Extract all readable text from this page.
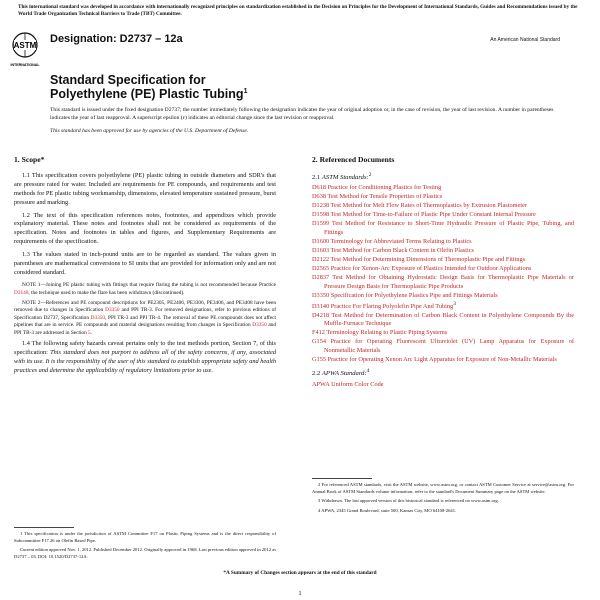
This international standard was developed in accordance with internationally recognized principles on standardization established in the Decision on Principles for the Development of International Standards, Guides and Recommendations issued by the World Trade Organization Technical Barriers to Trade (TBT) Committee.
ASTM
INTERNATIONAL
Designation: D2737 – 12a	An American National Standard
Standard Specification for
Polyethylene (PE) Plastic Tubing$^1$

This standard is issued under the fixed designation D2737; the number immediately following the designation indicates the year of original adoption or, in the case of revision, the year of last revision. A number in parentheses indicates the year of last reapproval. A superscript epsilon (ε) indicates an editorial change since the last revision or reapproval.

This standard has been approved for use by agencies of the U.S. Department of Defense.

1. Scope*

1.1 This specification covers polyethylene (PE) plastic tubing in outside diameters and SDR's that are pressure rated for water. Included are requirements for PE compounds, and requirements and test methods for PE plastic tubing workmanship, dimensions, elevated temperature sustained pressure, burst pressure and marking.

1.2 The text of this specification references notes, footnotes, and appendixes which provide explanatory material. These notes and footnotes shall not be considered as requirements of the specification. Notes and footnotes in tables and figures, and Supplementary Requirements are requirements of the specification.

1.3 The values stated in inch-pound units are to be regarded as standard. The values given in parentheses are mathematical conversions to SI units that are provided for information only and are not considered standard.

NOTE 1—Joining PE plastic tubing with fittings that require flaring the tubing is not recommended because Practice D3140, the technique used to make the flare has been withdrawn (discontinued).

NOTE 2—References and PE compound descriptions for PE2305, PE2406, PE3306, PE3406, and PE3408 have been removed due to changes in Specification D3350 and PPI TR-3. For removed designations, refer to previous editions of Specification D2737, Specification D3350, PPI TR-3 and PPI TR-4. The removal of these PE compounds does not affect pipelines that are in service. PE compounds and material designations resulting from changes in Specification D3350 and PPI TR-3 are addressed in Section 5.

1.4 The following safety hazards caveat pertains only to the test methods portion, Section 7, of this specification: This standard does not purport to address all of the safety concerns, if any, associated with its use. It is the responsibility of the user of this standard to establish appropriate safety and health practices and determine the applicability of regulatory limitations prior to use.

2. Referenced Documents

2.1 ASTM Standards:$^2$

D618 Practice for Conditioning Plastics for Testing
D638 Test Method for Tensile Properties of Plastics
D1238 Test Method for Melt Flow Rates of Thermoplastics by Extrusion Plastometer
D1598 Test Method for Time-to-Failure of Plastic Pipe Under Constant Internal Pressure
D1599 Test Method for Resistance to Short-Time Hydraulic Pressure of Plastic Pipe, Tubing, and Fittings
D1600 Terminology for Abbreviated Terms Relating to Plastics
D1603 Test Method for Carbon Black Content in Olefin Plastics
D2122 Test Method for Determining Dimensions of Thermoplastic Pipe and Fittings
D2565 Practice for Xenon-Arc Exposure of Plastics Intended for Outdoor Applications
D2837 Test Method for Obtaining Hydrostatic Design Basis for Thermoplastic Pipe Materials or Pressure Design Basis for Thermoplastic Pipe Products
D3350 Specification for Polyethylene Plastics Pipe and Fittings Materials
D3140 Practice For Flaring Polyolefin Pipe And Tubing$^3$
D4218 Test Method for Determination of Carbon Black Content in Polyethylene Compounds By the Muffle-Furnace Technique
F412 Terminology Relating to Plastic Piping Systems
G154 Practice for Operating Fluorescent Ultraviolet (UV) Lamp Apparatus for Exposure of Nonmetallic Materials
G155 Practice for Operating Xenon Arc Light Apparatus for Exposure of Non-Metallic Materials

2.2 APWA Standard:$^4$

APWA Uniform Color Code

1 This specification is under the jurisdiction of ASTM Committee F17 on Plastic Piping Systems and is the direct responsibility of Subcommittee F17.26 on Olefin Based Pipe.

Current edition approved Nov. 1, 2012. Published December 2012. Originally approved in 1968. Last previous edition approved in 2012 as D2737 – 03. DOI: 10.1520/D2737-12A.

2 For referenced ASTM standards, visit the ASTM website, www.astm.org, or contact ASTM Customer Service at service@astm.org. For Annual Book of ASTM Standards volume information, refer to the standard's Document Summary page on the ASTM website.

3 Withdrawn. The last approved version of this historical standard is referenced on www.astm.org.

4 APWA, 2345 Grand Boulevard, suite 500, Kansas City, MO 64108-2641.

*A Summary of Changes section appears at the end of this standard
1
